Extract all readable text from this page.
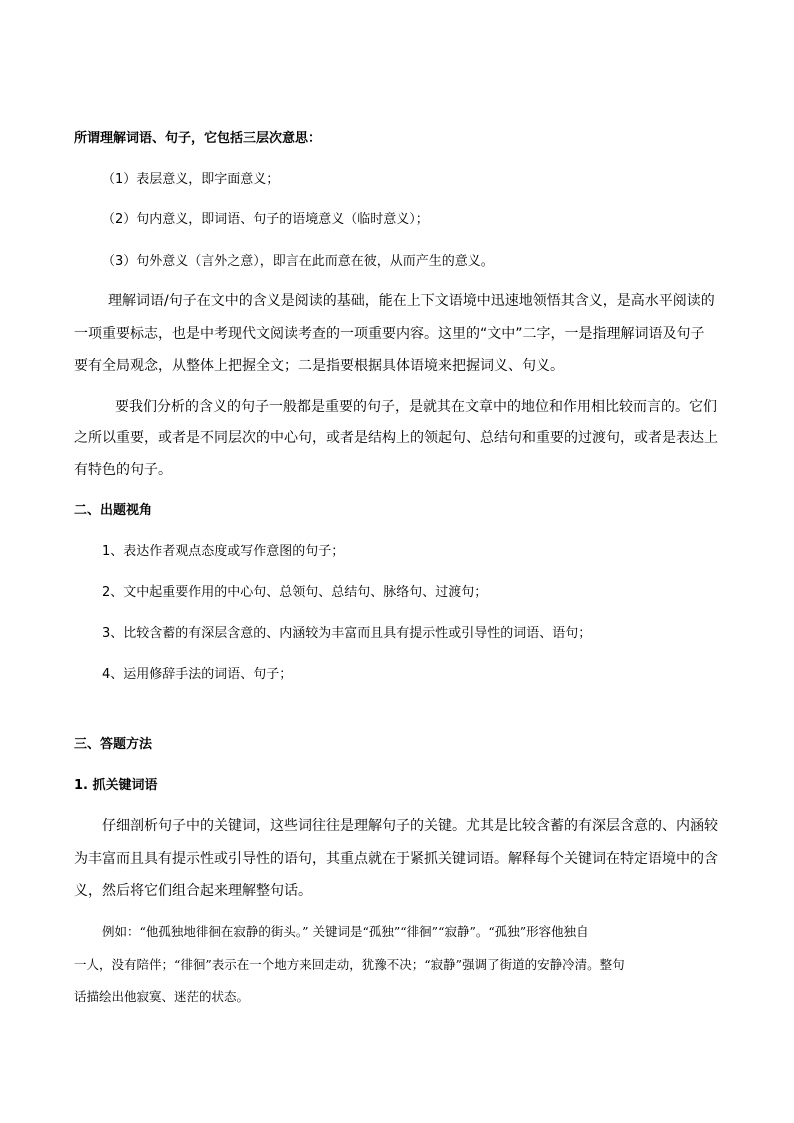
所谓理解词语、句子，它包括三层次意思：
（1）表层意义，即字面意义；
（2）句内意义，即词语、句子的语境意义（临时意义）；
（3）句外意义（言外之意），即言在此而意在彼，从而产生的意义。
理解词语/句子在文中的含义是阅读的基础，能在上下文语境中迅速地领悟其含义，是高水平阅读的
一项重要标志，也是中考现代文阅读考查的一项重要内容。这里的“文中”二字，一是指理解词语及句子
要有全局观念，从整体上把握全文；二是指要根据具体语境来把握词义、句义。
要我们分析的含义的句子一般都是重要的句子，是就其在文章中的地位和作用相比较而言的。它们
之所以重要，或者是不同层次的中心句，或者是结构上的领起句、总结句和重要的过渡句，或者是表达上
有特色的句子。
二、出题视角
1、表达作者观点态度或写作意图的句子；
2、文中起重要作用的中心句、总领句、总结句、脉络句、过渡句；
3、比较含蓄的有深层含意的、内涵较为丰富而且具有提示性或引导性的词语、语句；
4、运用修辞手法的词语、句子；
三、答题方法
1. 抓关键词语
仔细剖析句子中的关键词，这些词往往是理解句子的关键。尤其是比较含蓄的有深层含意的、内涵较
为丰富而且具有提示性或引导性的语句，其重点就在于紧抓关键词语。解释每个关键词在特定语境中的含
义，然后将它们组合起来理解整句话。
例如：“他孤独地徘徊在寂静的街头。” 关键词是“孤独”“徘徊”“寂静”。“孤独”形容他独自
一人，没有陪伴；“徘徊”表示在一个地方来回走动，犹豫不决；“寂静”强调了街道的安静冷清。整句
话描绘出他寂寞、迷茫的状态。
